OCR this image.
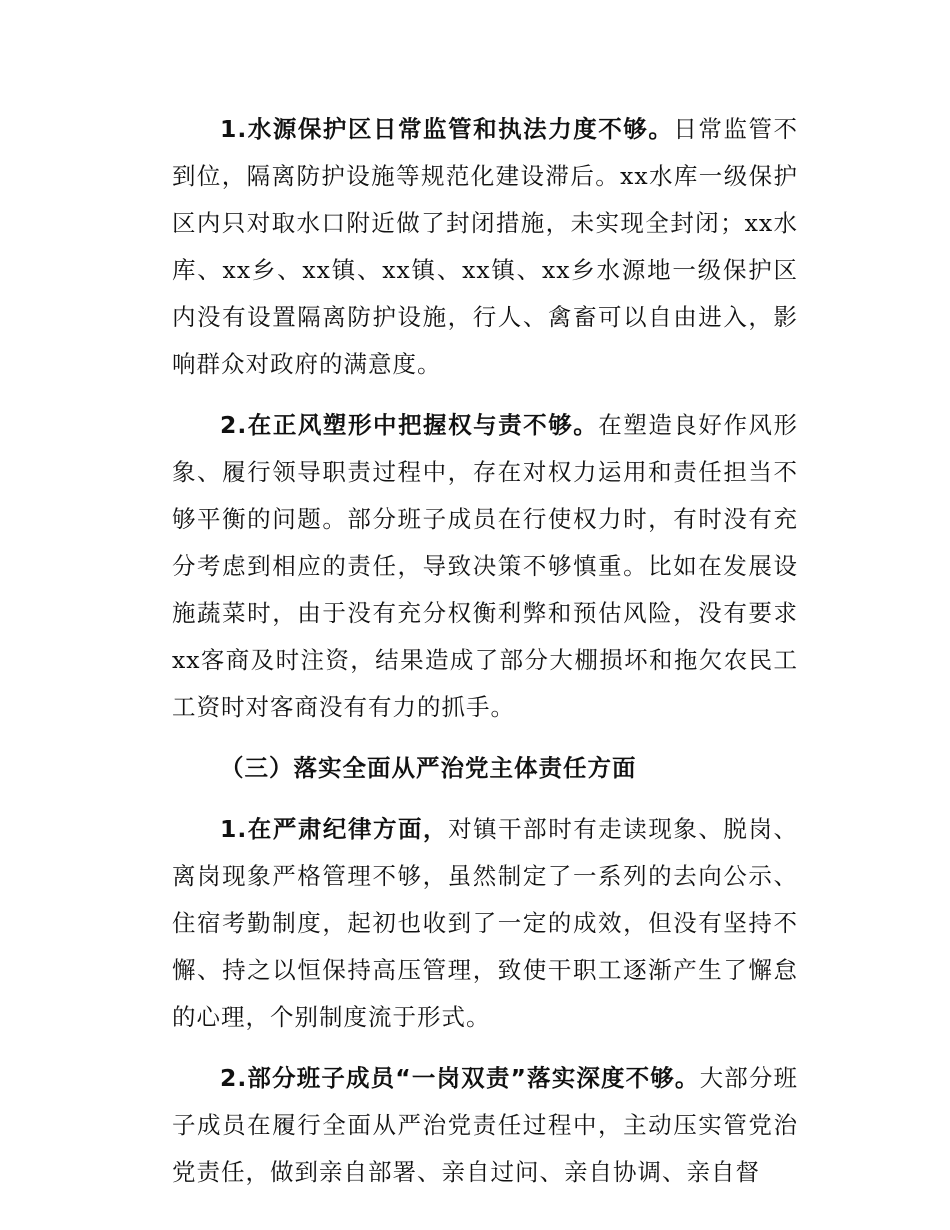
1.水源保护区日常监管和执法力度不够。日常监管不到位，隔离防护设施等规范化建设滞后。xx水库一级保护区内只对取水口附近做了封闭措施，未实现全封闭；xx水库、xx乡、xx镇、xx镇、xx镇、xx乡水源地一级保护区内没有设置隔离防护设施，行人、禽畜可以自由进入，影响群众对政府的满意度。

2.在正风塑形中把握权与责不够。在塑造良好作风形象、履行领导职责过程中，存在对权力运用和责任担当不够平衡的问题。部分班子成员在行使权力时，有时没有充分考虑到相应的责任，导致决策不够慎重。比如在发展设施蔬菜时，由于没有充分权衡利弊和预估风险，没有要求xx客商及时注资，结果造成了部分大棚损坏和拖欠农民工工资时对客商没有有力的抓手。

（三）落实全面从严治党主体责任方面

1.在严肃纪律方面，对镇干部时有走读现象、脱岗、离岗现象严格管理不够，虽然制定了一系列的去向公示、住宿考勤制度，起初也收到了一定的成效，但没有坚持不懈、持之以恒保持高压管理，致使干职工逐渐产生了懈怠的心理，个别制度流于形式。

2.部分班子成员“一岗双责”落实深度不够。大部分班子成员在履行全面从严治党责任过程中，主动压实管党治党责任，做到亲自部署、亲自过问、亲自协调、亲自督
